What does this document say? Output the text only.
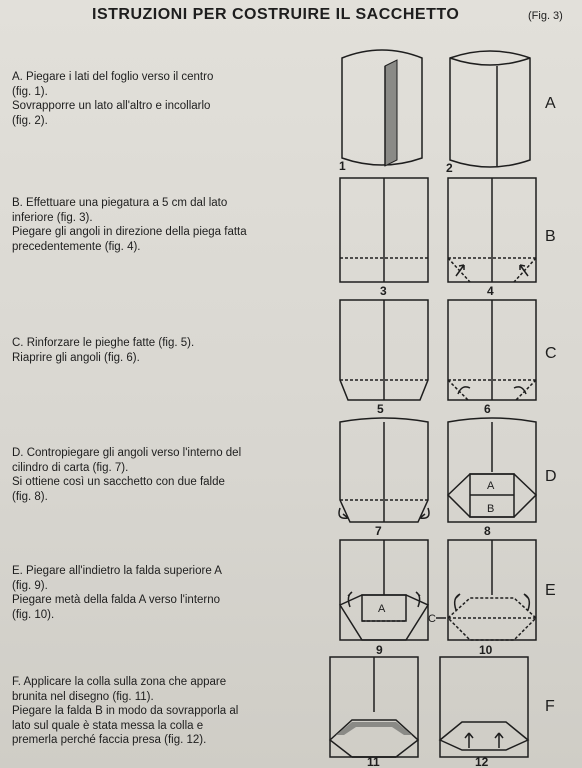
ISTRUZIONI PER COSTRUIRE IL SACCHETTO	(Fig. 3)
A. Piegare i lati del foglio verso il centro
(fig. 1).
Sovrapporre un lato all'altro e incollarlo
(fig. 2).
A
B. Effettuare una piegatura a 5 cm dal lato
inferiore (fig. 3).
Piegare gli angoli in direzione della piega fatta
precedentemente (fig. 4).
B
C. Rinforzare le pieghe fatte (fig. 5).
Riaprire gli angoli (fig. 6).	C
D. Contropiegare gli angoli verso l'interno del
cilindro di carta (fig. 7).
Si ottiene così un sacchetto con due falde
(fig. 8).
D
E. Piegare all'indietro la falda superiore A
(fig. 9).
Piegare metà della falda A verso l'interno
(fig. 10).
E
F. Applicare la colla sulla zona che appare
brunita nel disegno (fig. 11).
Piegare la falda B in modo da sovrapporla al
lato sul quale è stata messa la colla e
premerla perché faccia presa (fig. 12).
F
1	2
3	4
5	6
7
A
B
8
A
9
C
10
11	12
